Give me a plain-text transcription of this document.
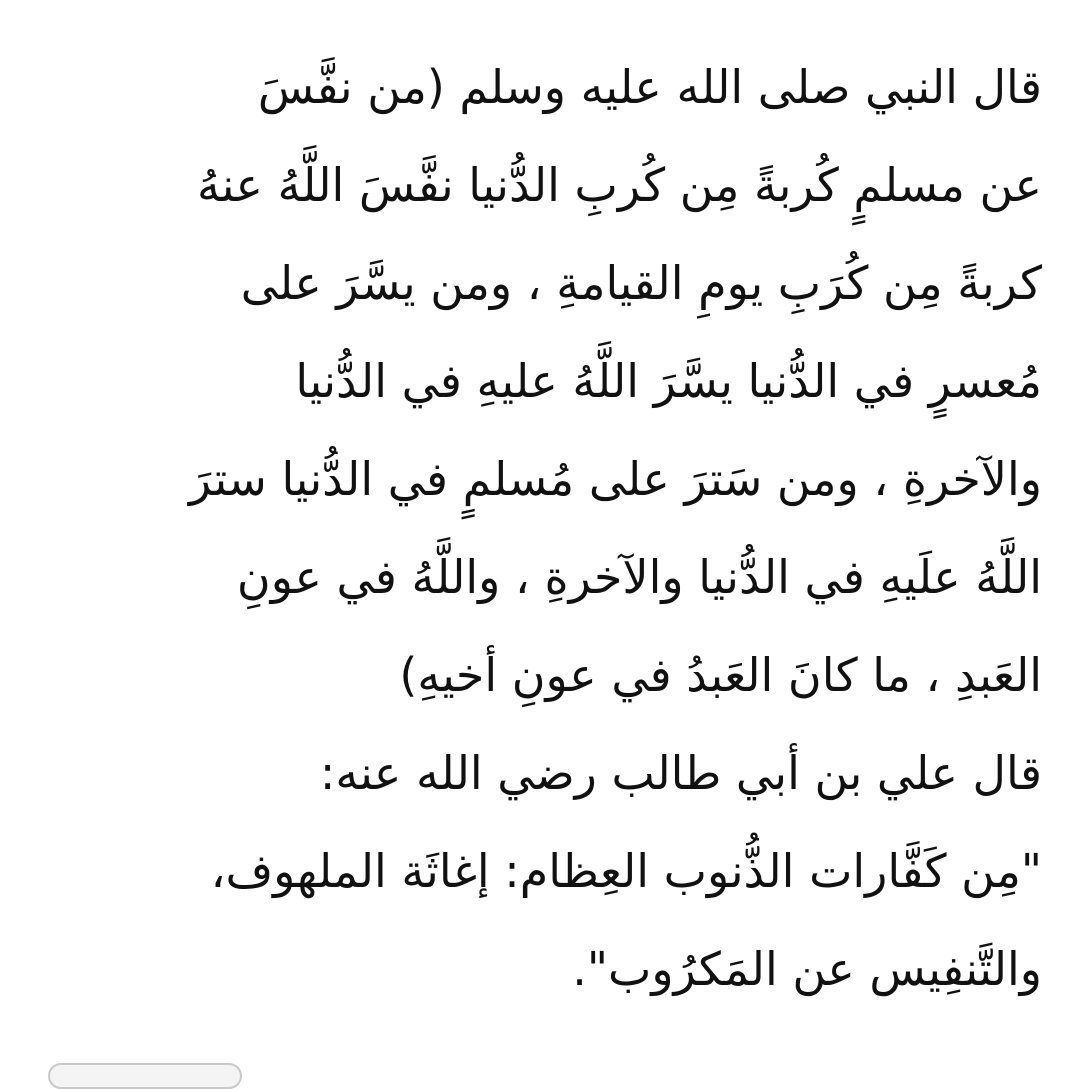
قال النبي صلى الله عليه وسلم (من نفَّسَ
عن مسلمٍ كُربةً مِن كُربِ الدُّنيا نفَّسَ اللَّهُ عنهُ
كربةً مِن كُرَبِ يومِ القيامةِ ، ومن يسَّرَ على
مُعسرٍ في الدُّنيا يسَّرَ اللَّهُ عليهِ في الدُّنيا
والآخرةِ ، ومن سَترَ على مُسلمٍ في الدُّنيا سترَ
اللَّهُ علَيهِ في الدُّنيا والآخرةِ ، واللَّهُ في عونِ
العَبدِ ، ما كانَ العَبدُ في عونِ أخيهِ)
قال علي بن أبي طالب رضي الله عنه:
"مِن كَفَّارات الذُّنوب العِظام: إغاثَة الملهوف،
والتَّنفِيس عن المَكرُوب".
